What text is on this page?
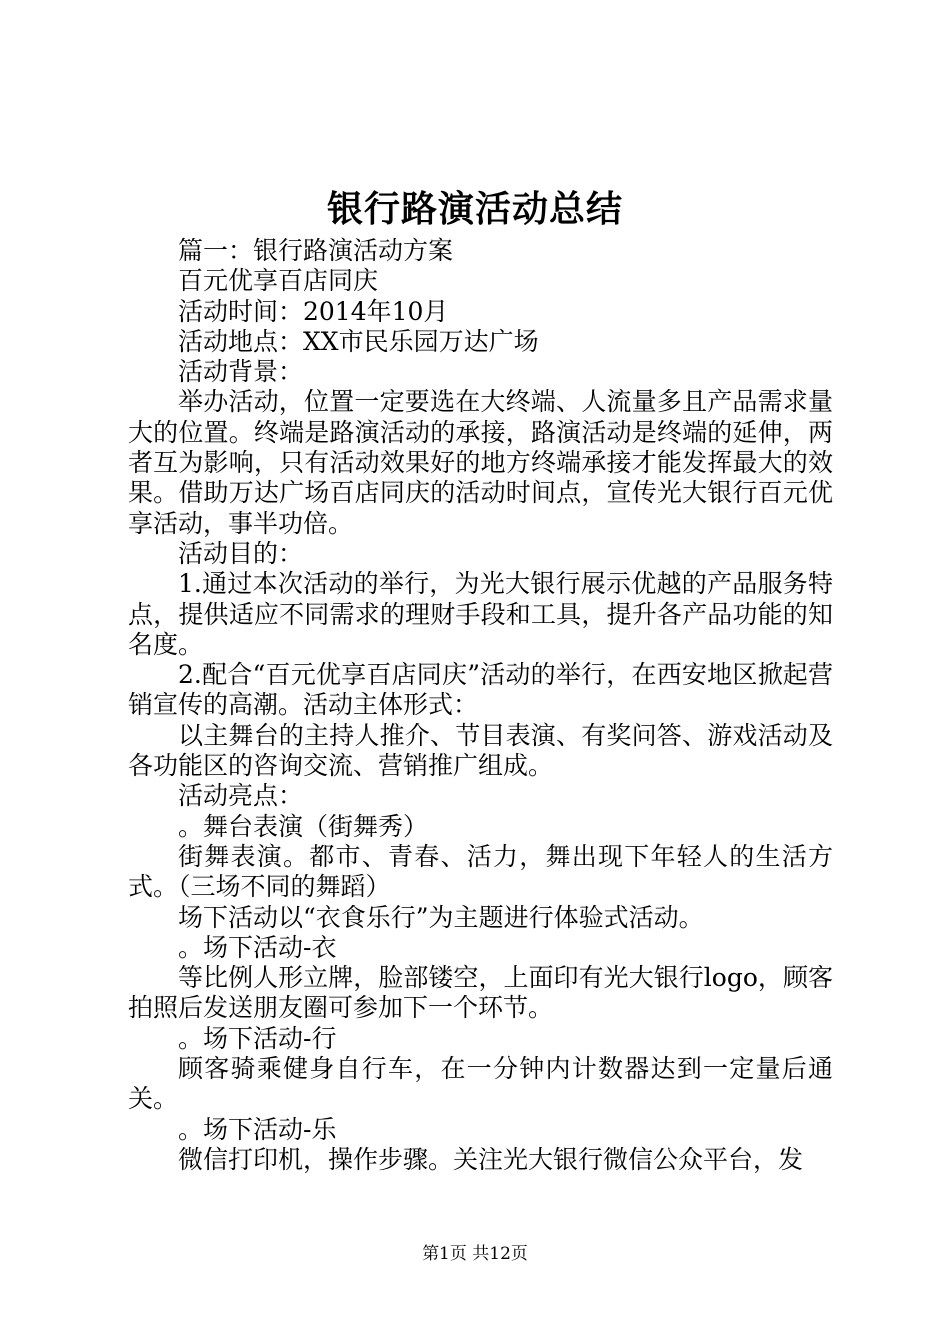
银行路演活动总结

篇一：银行路演活动方案

百元优享百店同庆

活动时间：2014年10月

活动地点：XX市民乐园万达广场

活动背景：

举办活动，位置一定要选在大终端、人流量多且产品需求量大的位置。终端是路演活动的承接，路演活动是终端的延伸，两者互为影响，只有活动效果好的地方终端承接才能发挥最大的效果。借助万达广场百店同庆的活动时间点，宣传光大银行百元优享活动，事半功倍。

活动目的：

1.通过本次活动的举行，为光大银行展示优越的产品服务特点，提供适应不同需求的理财手段和工具，提升各产品功能的知名度。

2.配合“百元优享百店同庆”活动的举行，在西安地区掀起营销宣传的高潮。活动主体形式：

以主舞台的主持人推介、节目表演、有奖问答、游戏活动及各功能区的咨询交流、营销推广组成。

活动亮点：

。舞台表演（街舞秀）

街舞表演。都市、青春、活力，舞出现下年轻人的生活方式。（三场不同的舞蹈）

场下活动以“衣食乐行”为主题进行体验式活动。

。场下活动-衣

等比例人形立牌，脸部镂空，上面印有光大银行logo，顾客拍照后发送朋友圈可参加下一个环节。

。场下活动-行

顾客骑乘健身自行车，在一分钟内计数器达到一定量后通关。

。场下活动-乐

微信打印机，操作步骤。关注光大银行微信公众平台，发

第1页 共12页
